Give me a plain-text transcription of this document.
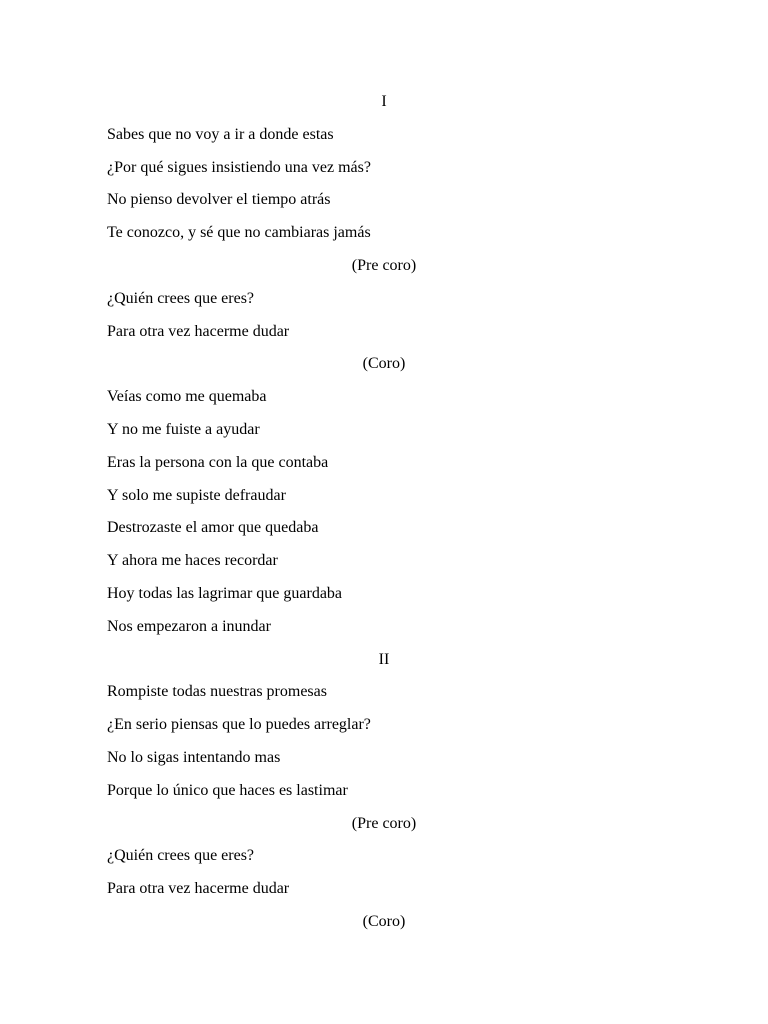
I
Sabes que no voy a ir a donde estas
¿Por qué sigues insistiendo una vez más?
No pienso devolver el tiempo atrás
Te conozco, y sé que no cambiaras jamás
(Pre coro)
¿Quién crees que eres?
Para otra vez hacerme dudar
(Coro)
Veías como me quemaba
Y no me fuiste a ayudar
Eras la persona con la que contaba
Y solo me supiste defraudar
Destrozaste el amor que quedaba
Y ahora me haces recordar
Hoy todas las lagrimar que guardaba
Nos empezaron a inundar
II
Rompiste todas nuestras promesas
¿En serio piensas que lo puedes arreglar?
No lo sigas intentando mas
Porque lo único que haces es lastimar
(Pre coro)
¿Quién crees que eres?
Para otra vez hacerme dudar
(Coro)
